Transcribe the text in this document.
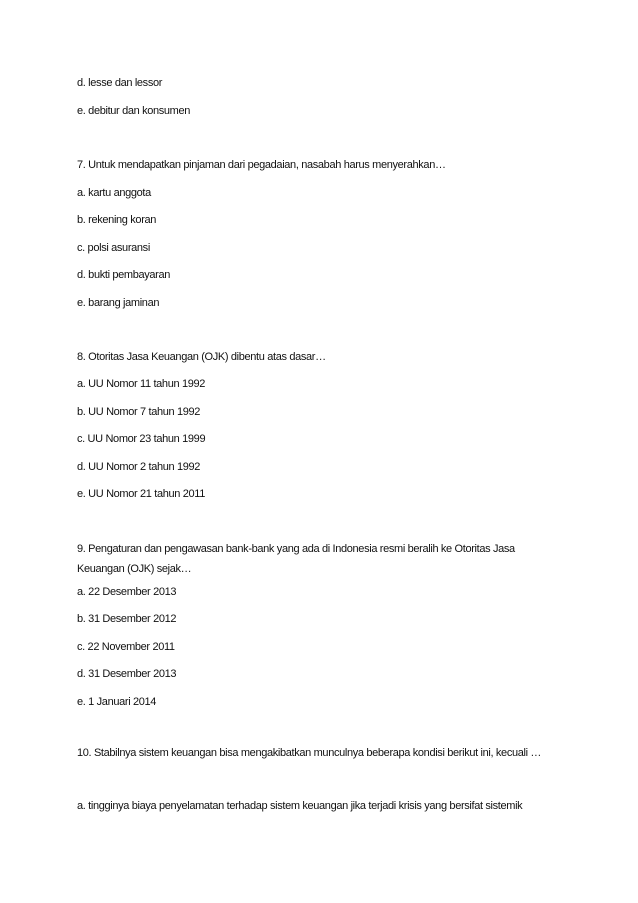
d. lesse dan lessor
e. debitur dan konsumen
7. Untuk mendapatkan pinjaman dari pegadaian, nasabah harus menyerahkan…
a. kartu anggota
b. rekening koran
c. polsi asuransi
d. bukti pembayaran
e. barang jaminan
8. Otoritas Jasa Keuangan (OJK) dibentu atas dasar…
a. UU Nomor 11 tahun 1992
b. UU Nomor 7 tahun 1992
c. UU Nomor 23 tahun 1999
d. UU Nomor 2 tahun 1992
e. UU Nomor 21 tahun 2011
9. Pengaturan dan pengawasan bank-bank yang ada di Indonesia resmi beralih ke Otoritas Jasa Keuangan (OJK) sejak…
a. 22 Desember 2013
b. 31 Desember 2012
c. 22 November 2011
d. 31 Desember 2013
e. 1 Januari 2014
10. Stabilnya sistem keuangan bisa mengakibatkan munculnya beberapa kondisi berikut ini, kecuali …
a. tingginya biaya penyelamatan terhadap sistem keuangan jika terjadi krisis yang bersifat sistemik
